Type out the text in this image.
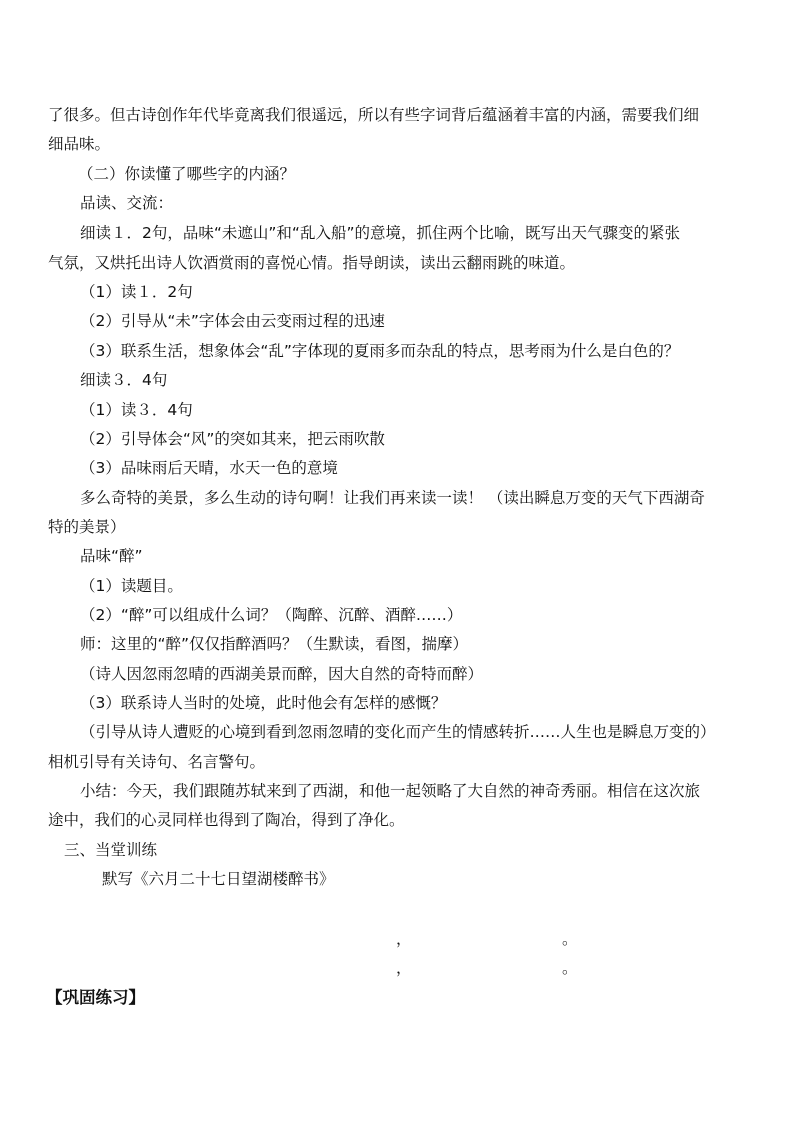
了很多。但古诗创作年代毕竟离我们很遥远，所以有些字词背后蕴涵着丰富的内涵，需要我们细
细品味。
（二）你读懂了哪些字的内涵？
品读、交流：
细读１．2句，品味“未遮山”和“乱入船”的意境，抓住两个比喻，既写出天气骤变的紧张
气氛，又烘托出诗人饮酒赏雨的喜悦心情。指导朗读，读出云翻雨跳的味道。
（1）读１．2句
（2）引导从“未”字体会由云变雨过程的迅速
（3）联系生活，想象体会“乱”字体现的夏雨多而杂乱的特点，思考雨为什么是白色的？
细读３．4句
（1）读３．4句
（2）引导体会“风”的突如其来，把云雨吹散
（3）品味雨后天晴，水天一色的意境
多么奇特的美景，多么生动的诗句啊！让我们再来读一读！ （读出瞬息万变的天气下西湖奇
特的美景）
品味“醉”
（1）读题目。
（2）“醉”可以组成什么词？（陶醉、沉醉、酒醉……）
师：这里的“醉”仅仅指醉酒吗？（生默读，看图，揣摩）
（诗人因忽雨忽晴的西湖美景而醉，因大自然的奇特而醉）
（3）联系诗人当时的处境，此时他会有怎样的感慨？
（引导从诗人遭贬的心境到看到忽雨忽晴的变化而产生的情感转折……人生也是瞬息万变的）
相机引导有关诗句、名言警句。
小结：今天，我们跟随苏轼来到了西湖，和他一起领略了大自然的神奇秀丽。相信在这次旅
途中，我们的心灵同样也得到了陶冶，得到了净化。
三、当堂训练
默写《六月二十七日望湖楼醉书》
，	。
，	。
【巩固练习】
